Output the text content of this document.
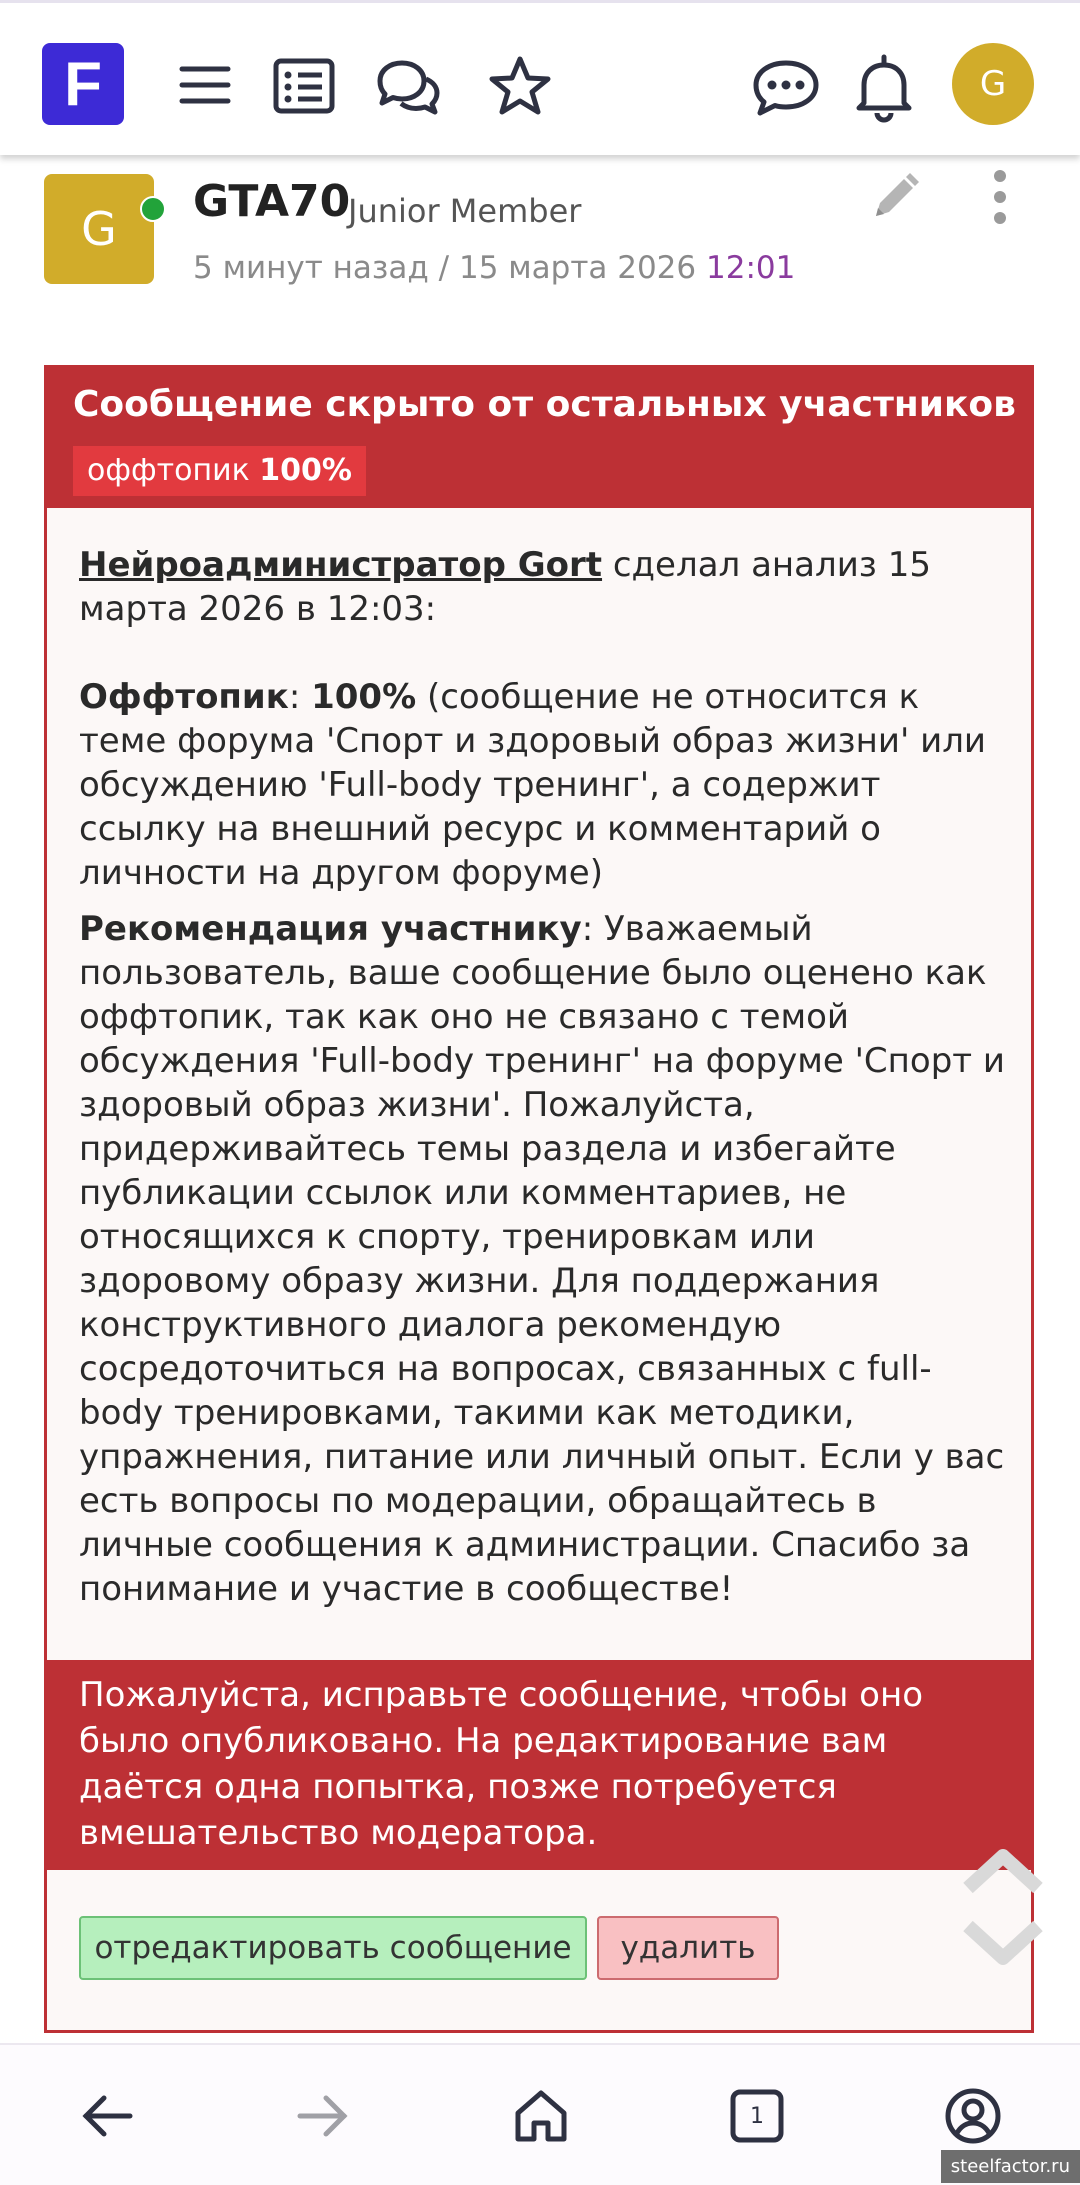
F	G
G
GTA70
Junior Member
5 минут назад / 15 марта 2026 12:01
Сообщение скрыто от остальных участников
оффтопик 100%

Нейроадминистратор Gort сделал анализ 15 марта 2026 в 12:03:

Оффтопик: 100% (сообщение не относится к теме форума 'Спорт и здоровый образ жизни' или обсуждению 'Full-body тренинг', а содержит ссылку на внешний ресурс и комментарий о личности на другом форуме)

Рекомендация участнику: Уважаемый пользователь, ваше сообщение было оценено как оффтопик, так как оно не связано с темой обсуждения 'Full-body тренинг' на форуме 'Спорт и здоровый образ жизни'. Пожалуйста, придерживайтесь темы раздела и избегайте публикации ссылок или комментариев, не относящихся к спорту, тренировкам или здоровому образу жизни. Для поддержания конструктивного диалога рекомендую сосредоточиться на вопросах, связанных с full-body тренировками, такими как методики, упражнения, питание или личный опыт. Если у вас есть вопросы по модерации, обращайтесь в личные сообщения к администрации. Спасибо за понимание и участие в сообществе!

Пожалуйста, исправьте сообщение, чтобы оно было опубликовано. На редактирование вам даётся одна попытка, позже потребуется вмешательство модератора.
отредактировать сообщение	удалить
1
steelfactor.ru
